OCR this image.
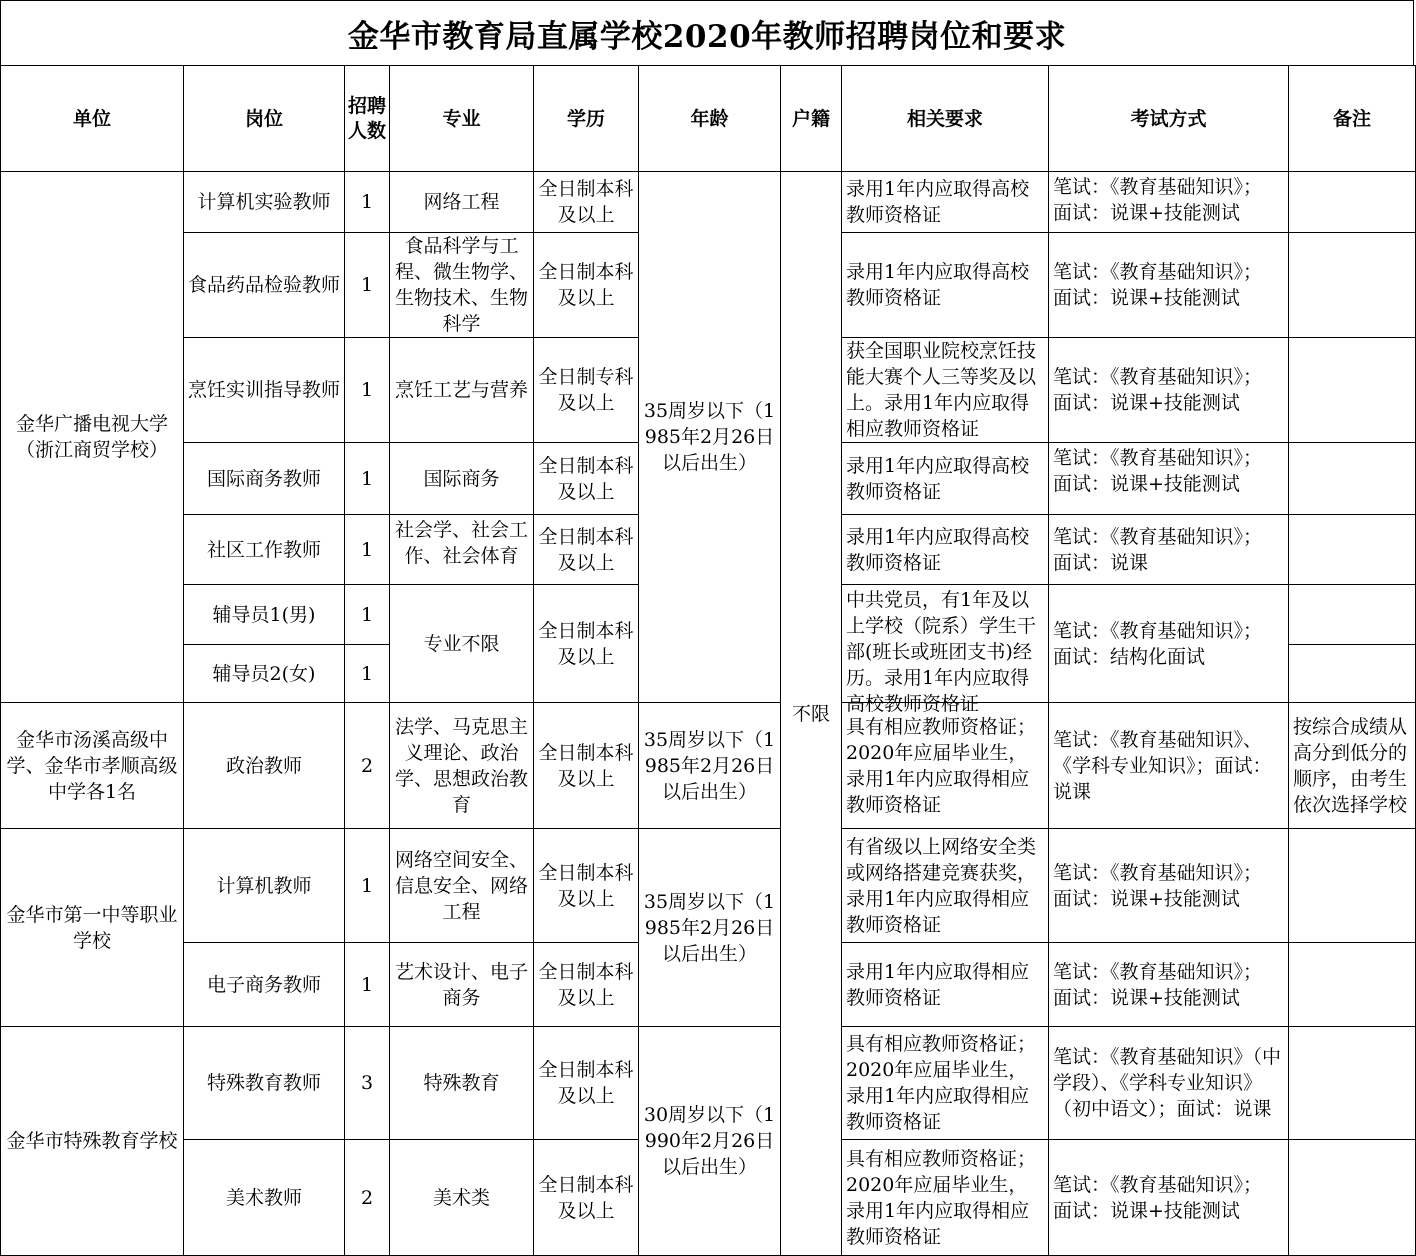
金华市教育局直属学校2020年教师招聘岗位和要求
单位	岗位	招聘人数	专业	学历	年龄	户籍	相关要求	考试方式	备注
金华广播电视大学（浙江商贸学校）	计算机实验教师	1	网络工程	全日制本科及以上	35周岁以下（1985年2月26日以后出生）	不限	录用1年内应取得高校教师资格证	笔试：《教育基础知识》； 面试：说课+技能测试	

	食品药品检验教师	1	食品科学与工程、微生物学、生物技术、生物科学	全日制本科及以上			录用1年内应取得高校教师资格证	笔试：《教育基础知识》； 面试：说课+技能测试	
	烹饪实训指导教师	1	烹饪工艺与营养	全日制专科及以上			获全国职业院校烹饪技能大赛个人三等奖及以上。录用1年内应取得相应教师资格证	笔试：《教育基础知识》； 面试：说课+技能测试	
	国际商务教师	1	国际商务	全日制本科及以上			录用1年内应取得高校教师资格证	笔试：《教育基础知识》； 面试：说课+技能测试	

	社区工作教师	1	社会学、社会工作、社会体育	全日制本科及以上			录用1年内应取得高校教师资格证	笔试：《教育基础知识》； 面试：说课	
	辅导员1(男)	1	专业不限	全日制本科及以上			中共党员，有1年及以上学校（院系）学生干部(班长或班团支书)经历。录用1年内应取得高校教师资格证	笔试：《教育基础知识》； 面试：结构化面试	
	辅导员2(女)	1							
金华市汤溪高级中学、金华市孝顺高级中学各1名	政治教师	2	法学、马克思主义理论、政治学、思想政治教育	全日制本科及以上	35周岁以下（1985年2月26日以后出生）		具有相应教师资格证；2020年应届毕业生，录用1年内应取得相应教师资格证	笔试：《教育基础知识》、《学科专业知识》；面试：说课	按综合成绩从高分到低分的顺序，由考生依次选择学校
金华市第一中等职业学校	计算机教师	1	网络空间安全、信息安全、网络工程	全日制本科及以上	35周岁以下（1985年2月26日以后出生）		有省级以上网络安全类或网络搭建竞赛获奖，录用1年内应取得相应教师资格证	笔试：《教育基础知识》； 面试：说课+技能测试	
	电子商务教师	1	艺术设计、电子商务	全日制本科及以上			录用1年内应取得相应教师资格证	笔试：《教育基础知识》； 面试：说课+技能测试	
金华市特殊教育学校	特殊教育教师	3	特殊教育	全日制本科及以上	30周岁以下（1990年2月26日以后出生）		具有相应教师资格证；2020年应届毕业生，录用1年内应取得相应教师资格证	笔试：《教育基础知识》（中学段）、《学科专业知识》（初中语文）；面试：说课	
	美术教师	2	美术类	全日制本科及以上			具有相应教师资格证；2020年应届毕业生，录用1年内应取得相应教师资格证	笔试：《教育基础知识》； 面试：说课+技能测试	
